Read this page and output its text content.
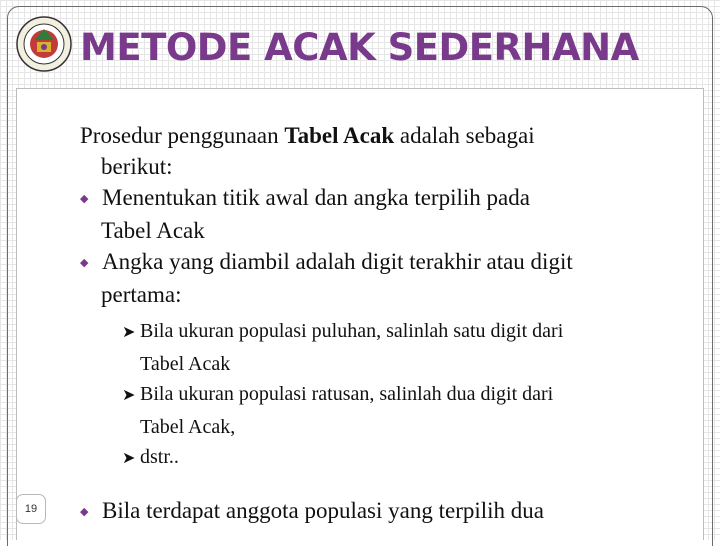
METODE ACAK SEDERHANA

Prosedur penggunaan Tabel Acak adalah sebagai
berikut:

◆ Menentukan titik awal dan angka terpilih pada
Tabel Acak

◆ Angka yang diambil adalah digit terakhir atau digit
pertama:

➤ Bila ukuran populasi puluhan, salinlah satu digit dari
Tabel Acak
➤ Bila ukuran populasi ratusan, salinlah dua digit dari
Tabel Acak,
➤ dstr..
◆ Bila terdapat anggota populasi yang terpilih dua
19
